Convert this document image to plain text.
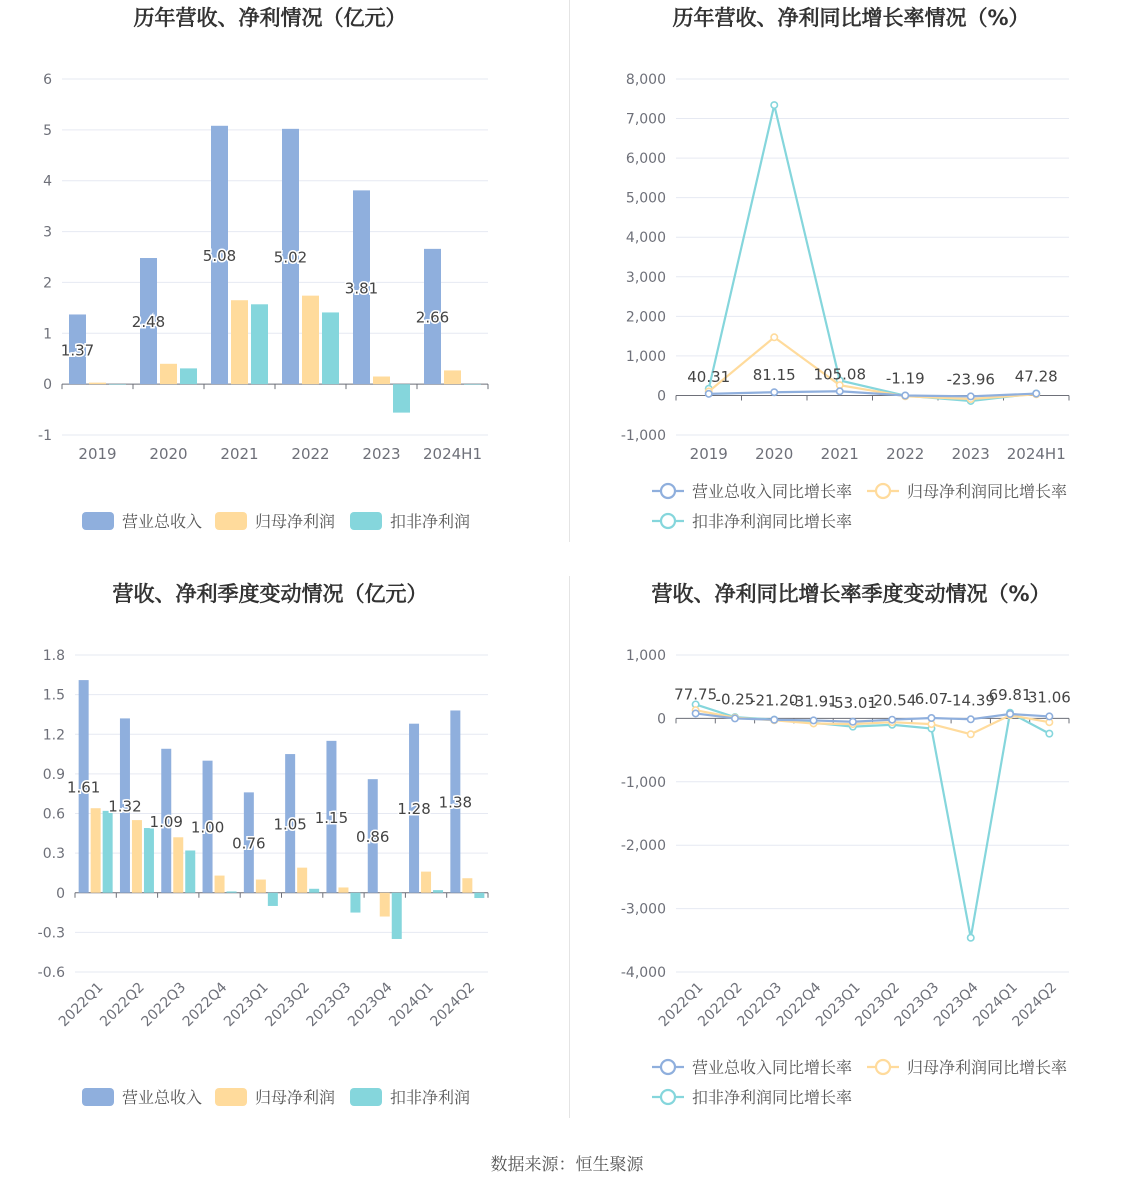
历年营收、净利情况（亿元）
-1
0
1
2
3
4
5
6
2019 2020 2021 2022 2023 2024H1
1.37
2.48
5.08	5.02
3.81
2.66
营业总收入	归母净利润	扣非净利润
历年营收、净利同比增长率情况（%）
-1,000
0
1,000
2,000
3,000
4,000
5,000
6,000
7,000
8,000
2019 2020 2021 2022 2023 2024H1
40.31 81.15 105.08 -1.19 -23.96 47.28
营业总收入同比增长率	归母净利润同比增长率
扣非净利润同比增长率
营收、净利季度变动情况（亿元）
-0.6
-0.3
0
0.3
0.6
0.9
1.2
1.5
1.8
2022Q1
2022Q2
2022Q3
2022Q4
2023Q1
2023Q2
2023Q3
2023Q4
2024Q1
2024Q2
1.61
1.32
1.09 1.00
0.76
1.05 1.15
0.86
1.28 1.38
营业总收入	归母净利润	扣非净利润
营收、净利同比增长率季度变动情况（%）
-4,000
-3,000
-2,000
-1,000
0
1,000
2022Q1
2022Q2
2022Q3
2022Q4
2023Q1
2023Q2
2023Q3
2023Q4
2024Q1
2024Q2
77.75
-0.25
-21.20
-31.91
-53.01
-20.54
6.07
-14.39
69.81
31.06
营业总收入同比增长率	归母净利润同比增长率
扣非净利润同比增长率
数据来源：恒生聚源
